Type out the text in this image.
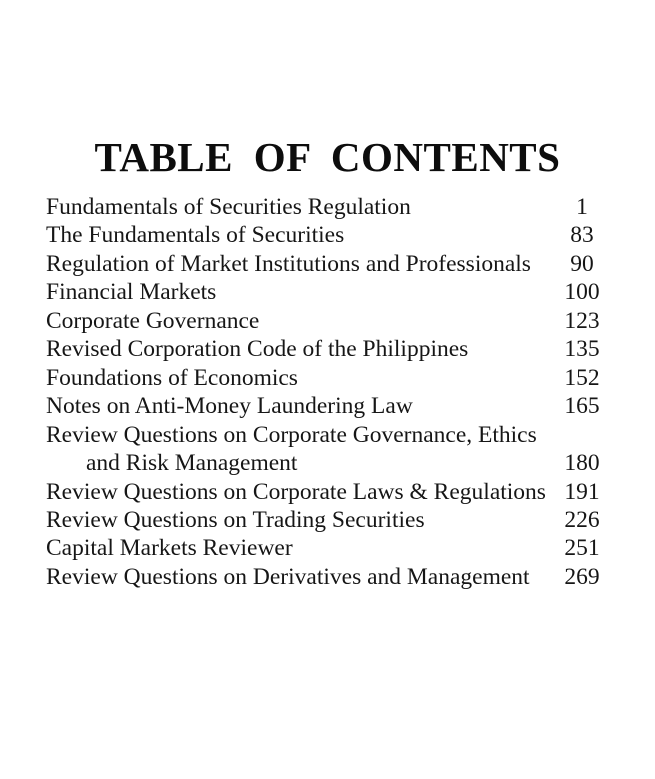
TABLE OF CONTENTS
Fundamentals of Securities Regulation	1
The Fundamentals of Securities	83
Regulation of Market Institutions and Professionals	90
Financial Markets	100
Corporate Governance	123
Revised Corporation Code of the Philippines	135
Foundations of Economics	152
Notes on Anti-Money Laundering Law	165
Review Questions on Corporate Governance, Ethics
and Risk Management	180
Review Questions on Corporate Laws & Regulations 191
Review Questions on Trading Securities	226
Capital Markets Reviewer	251
Review Questions on Derivatives and Management	269
